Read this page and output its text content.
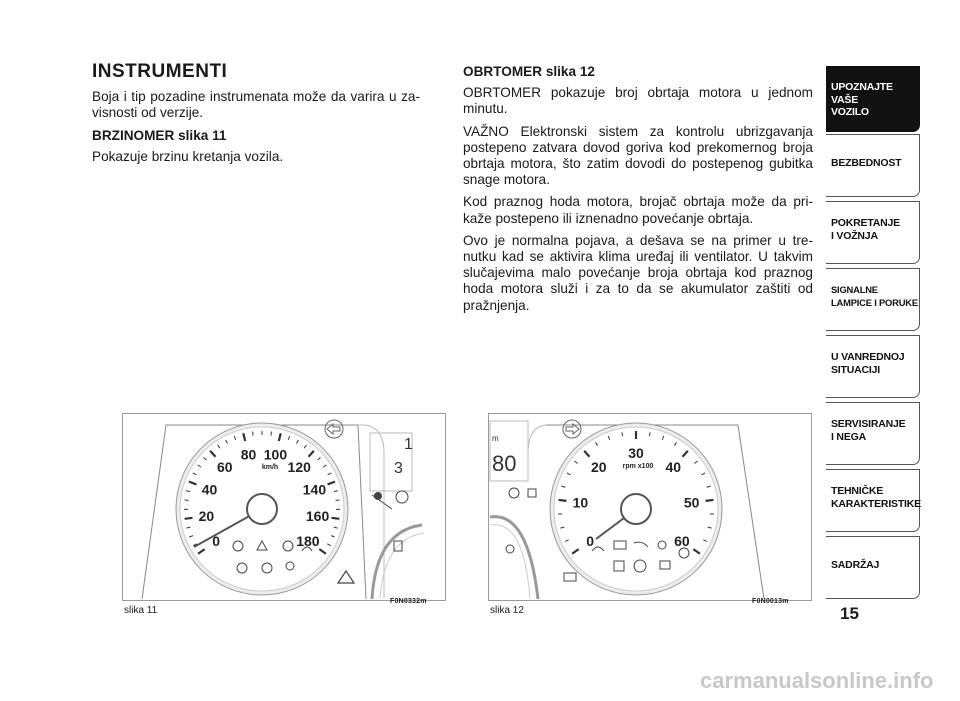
INSTRUMENTI

Boja i tip pozadine instrumenata može da varira u za-visnosti od verzije.

BRZINOMER slika 11

Pokazuje brzinu kretanja vozila.

OBRTOMER slika 12

OBRTOMER pokazuje broj obrtaja motora u jednom minutu.

VAŽNO Elektronski sistem za kontrolu ubrizgavanja postepeno zatvara dovod goriva kod prekomernog broja obrtaja motora, što zatim dovodi do postepenog gubitka snage motora.

Kod praznog hoda motora, brojač obrtaja može da pri-kaže postepeno ili iznenadno povećanje obrtaja.

Ovo je normalna pojava, a dešava se na primer u tre-nutku kad se aktivira klima uređaj ili ventilator. U takvim slučajevima malo povećanje broja obrtaja kod praznog hoda motora služi i za to da se akumulator zaštiti od pražnjenja.

UPOZNAJTE
VAŠE
VOZILO
BEZBEDNOST
POKRETANJE
I VOŽNJA
SIGNALNE
LAMPICE I PORUKE
U VANREDNOJ
SITUACIJI
SERVISIRANJE
I NEGA
TEHNIČKE
KARAKTERISTIKE
SADRŽAJ
15
0
20
40
60
80 100
120
140
160
180
km/h
1
3
slika 11
F0N0332m
m
80
0
10
20
30
40
50
60
rpm x100
slika 12
F0N0013m
carmanualsonline.info
